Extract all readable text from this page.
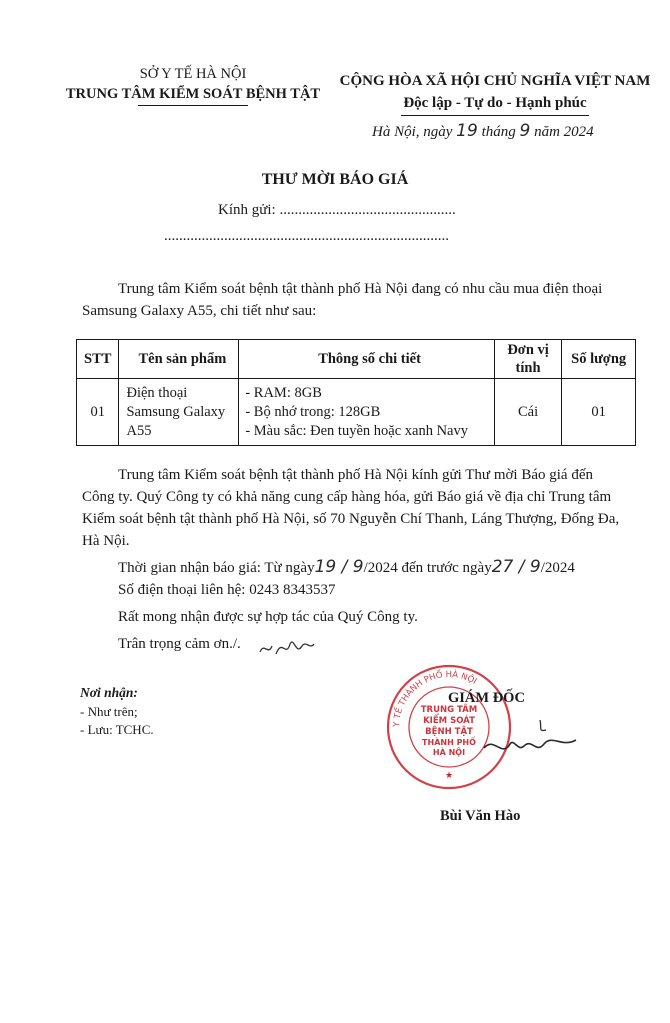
SỞ Y TẾ HÀ NỘI
TRUNG TÂM KIỂM SOÁT BỆNH TẬT
CỘNG HÒA XÃ HỘI CHỦ NGHĨA VIỆT NAM
Độc lập - Tự do - Hạnh phúc
Hà Nội, ngày 19 tháng 9 năm 2024
THƯ MỜI BÁO GIÁ
Kính gửi: ...............................................
............................................................................
Trung tâm Kiểm soát bệnh tật thành phố Hà Nội đang có nhu cầu mua điện thoại Samsung Galaxy A55, chi tiết như sau:
STT	Tên sản phẩm	Thông số chi tiết	Đơn vị tính	Số lượng
01	Điện thoại Samsung Galaxy A55	- RAM: 8GB
- Bộ nhớ trong: 128GB
- Màu sắc: Đen tuyền hoặc xanh Navy	Cái	01
Trung tâm Kiểm soát bệnh tật thành phố Hà Nội kính gửi Thư mời Báo giá đến Công ty. Quý Công ty có khả năng cung cấp hàng hóa, gửi Báo giá về địa chỉ Trung tâm Kiểm soát bệnh tật thành phố Hà Nội, số 70 Nguyễn Chí Thanh, Láng Thượng, Đống Đa, Hà Nội.
Thời gian nhận báo giá: Từ ngày19 / 9/2024 đến trước ngày27 / 9/2024
Số điện thoại liên hệ: 0243 8343537
Rất mong nhận được sự hợp tác của Quý Công ty.
Trân trọng cảm ơn./.
Nơi nhận:
- Như trên;
- Lưu: TCHC.	Y TẾ THÀNH PHỐ HÀ NỘI
TRUNG TÂM
KIỂM SOÁT
BỆNH TẬT
THÀNH PHỐ
HÀ NỘI
★
GIÁM ĐỐC
Bùi Văn Hào
